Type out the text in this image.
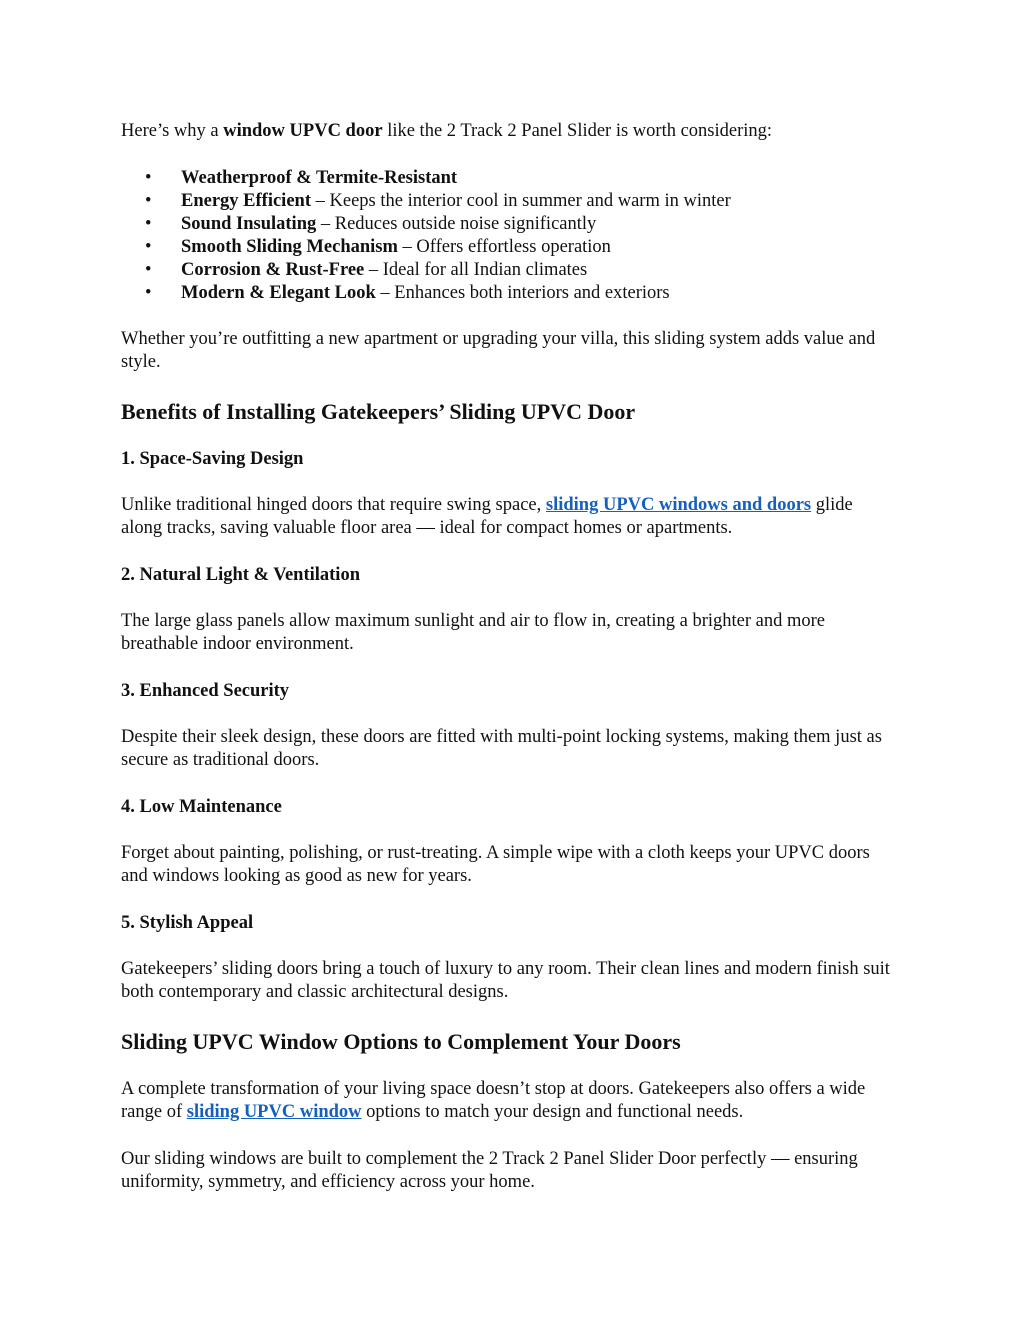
Here’s why a window UPVC door like the 2 Track 2 Panel Slider is worth considering:

• Weatherproof & Termite-Resistant
• Energy Efficient – Keeps the interior cool in summer and warm in winter
• Sound Insulating – Reduces outside noise significantly
• Smooth Sliding Mechanism – Offers effortless operation
• Corrosion & Rust-Free – Ideal for all Indian climates
• Modern & Elegant Look – Enhances both interiors and exteriors

Whether you’re outfitting a new apartment or upgrading your villa, this sliding system adds value and style.

Benefits of Installing Gatekeepers’ Sliding UPVC Door
1. Space-Saving Design

Unlike traditional hinged doors that require swing space, sliding UPVC windows and doors glide along tracks, saving valuable floor area — ideal for compact homes or apartments.

2. Natural Light & Ventilation

The large glass panels allow maximum sunlight and air to flow in, creating a brighter and more breathable indoor environment.

3. Enhanced Security

Despite their sleek design, these doors are fitted with multi-point locking systems, making them just as secure as traditional doors.

4. Low Maintenance

Forget about painting, polishing, or rust-treating. A simple wipe with a cloth keeps your UPVC doors and windows looking as good as new for years.

5. Stylish Appeal

Gatekeepers’ sliding doors bring a touch of luxury to any room. Their clean lines and modern finish suit both contemporary and classic architectural designs.

Sliding UPVC Window Options to Complement Your Doors

A complete transformation of your living space doesn’t stop at doors. Gatekeepers also offers a wide range of sliding UPVC window options to match your design and functional needs.

Our sliding windows are built to complement the 2 Track 2 Panel Slider Door perfectly — ensuring uniformity, symmetry, and efficiency across your home.
